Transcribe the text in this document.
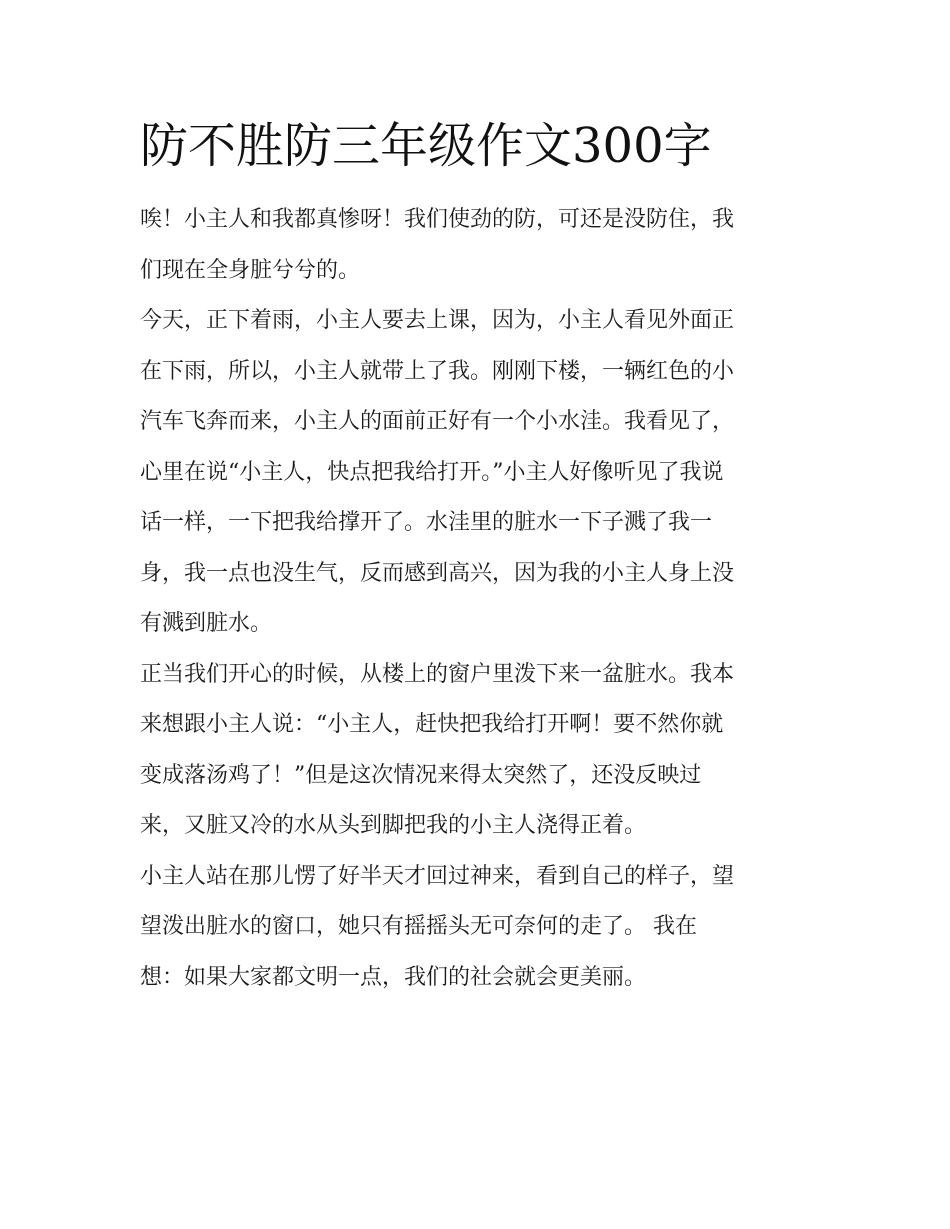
防不胜防三年级作文300字
唉！小主人和我都真惨呀！我们使劲的防，可还是没防住，我
们现在全身脏兮兮的。
今天，正下着雨，小主人要去上课，因为，小主人看见外面正
在下雨，所以，小主人就带上了我。刚刚下楼，一辆红色的小
汽车飞奔而来，小主人的面前正好有一个小水洼。我看见了，
心里在说“小主人，快点把我给打开。”小主人好像听见了我说
话一样，一下把我给撑开了。水洼里的脏水一下子溅了我一
身，我一点也没生气，反而感到高兴，因为我的小主人身上没
有溅到脏水。
正当我们开心的时候，从楼上的窗户里泼下来一盆脏水。我本
来想跟小主人说：“小主人，赶快把我给打开啊！要不然你就
变成落汤鸡了！”但是这次情况来得太突然了，还没反映过
来，又脏又冷的水从头到脚把我的小主人浇得正着。
小主人站在那儿愣了好半天才回过神来，看到自己的样子，望
望泼出脏水的窗口，她只有摇摇头无可奈何的走了。 我在
想：如果大家都文明一点，我们的社会就会更美丽。
